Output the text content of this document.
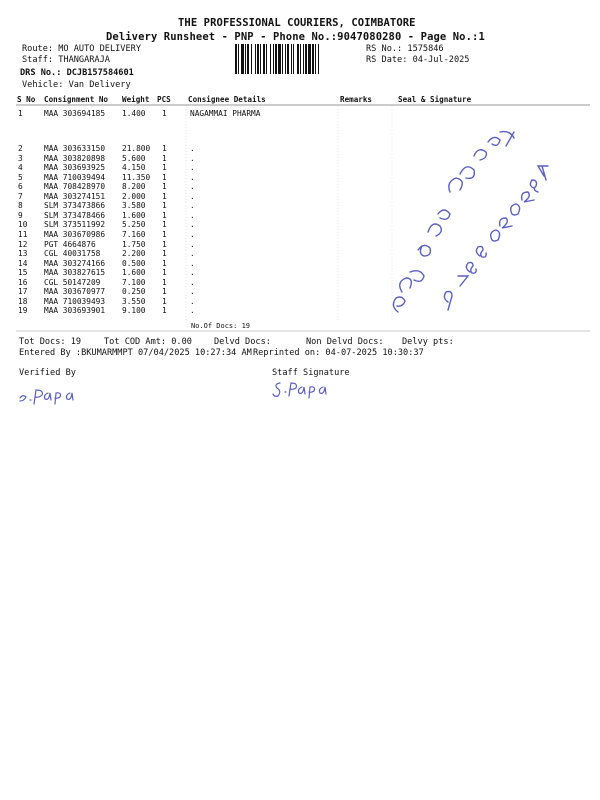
THE PROFESSIONAL COURIERS, COIMBATORE
Delivery Runsheet - PNP - Phone No.:9047080280 - Page No.:1
Route: MO AUTO DELIVERY
Staff: THANGARAJA
DRS No.: DCJB157584601
Vehicle: Van Delivery
RS No.: 1575846
RS Date: 04-Jul-2025
S No Consignment No Weight PCS Consignee Details	Remarks	Seal & Signature
1	MAA 303694185 1.400 1	NAGAMMAI PHARMA
2	MAA 303633150 21.800 1	.
3	MAA 303820898 5.600 1	.
4	MAA 303693925 4.150 1	.
5	MAA 710039494 11.350 1	.
6	MAA 708428970 8.200 1	.
7	MAA 303274151 2.000 1	.
8	SLM 373473866 3.580 1	.
9	SLM 373478466 1.600 1	.
10 SLM 373511992 5.250 1	.
11 MAA 303670986 7.160 1	.
12 PGT 4664876	1.750 1	.
13 CGL 40031758	2.200 1	.
14 MAA 303274166 0.500 1	.
15 MAA 303827615 1.600 1	.
16 CGL 50147209	7.100 1	.
17 MAA 303670977 0.250 1	.
18 MAA 710039493 3.550 1	.
19 MAA 303693901 9.100 1	.
No.Of Docs: 19
Tot Docs: 19	Tot COD Amt: 0.00	Delvd Docs:	Non Delvd Docs: Delvy pts:
Entered By :BKUMARMMPT 07/04/2025 10:27:34 AM Reprinted on: 04-07-2025 10:30:37
Verified By	Staff Signature
